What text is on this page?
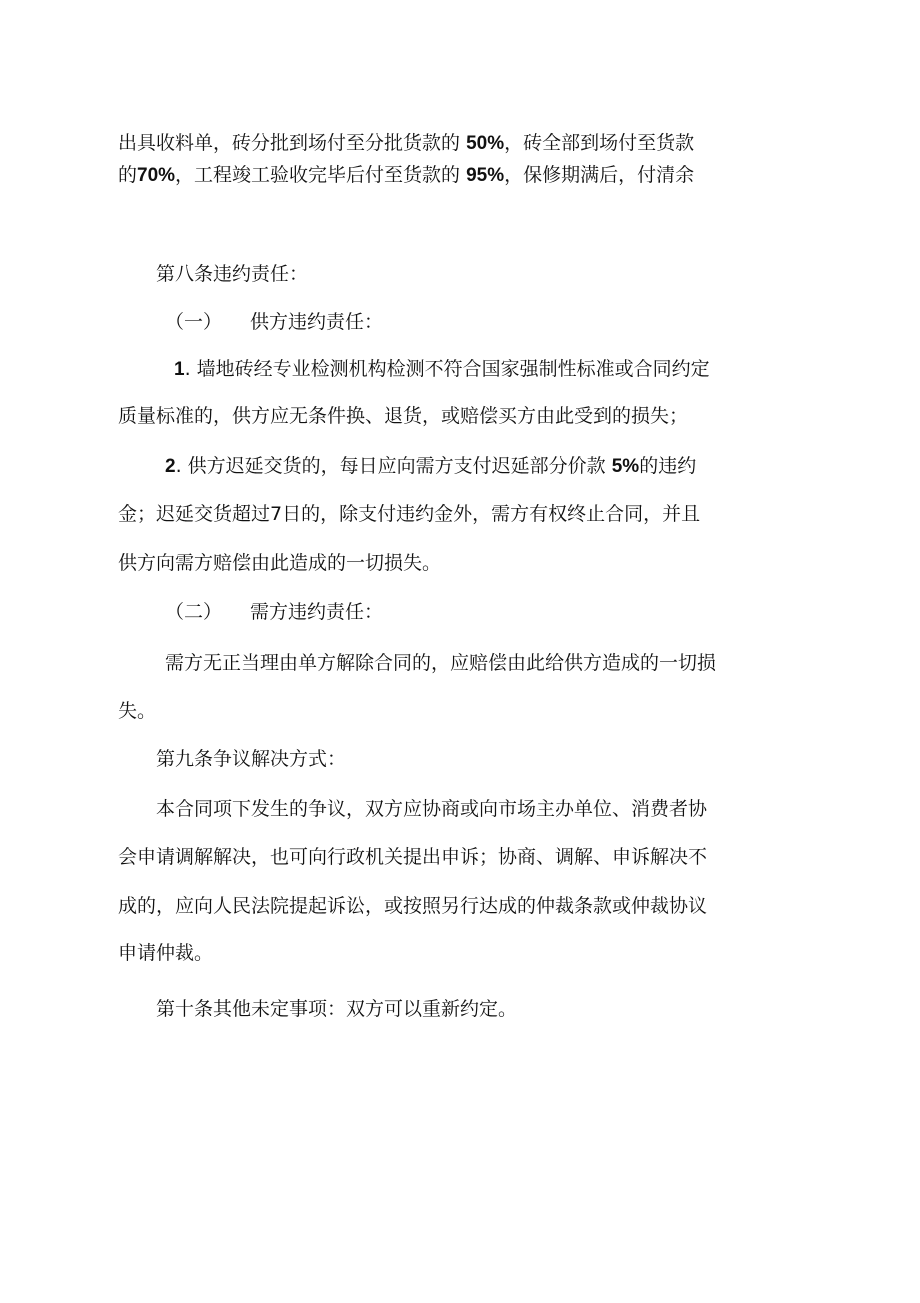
出具收料单，砖分批到场付至分批货款的 50%，砖全部到场付至货款

的70%，工程竣工验收完毕后付至货款的 95%，保修期满后，付清余

第八条违约责任：

（一） 供方违约责任：

1. 墙地砖经专业检测机构检测不符合国家强制性标准或合同约定

质量标准的，供方应无条件换、退货，或赔偿买方由此受到的损失；

2. 供方迟延交货的，每日应向需方支付迟延部分价款 5%的违约

金；迟延交货超过7日的，除支付违约金外，需方有权终止合同，并且

供方向需方赔偿由此造成的一切损失。

（二） 需方违约责任：

需方无正当理由单方解除合同的，应赔偿由此给供方造成的一切损

失。

第九条争议解决方式：

本合同项下发生的争议，双方应协商或向市场主办单位、消费者协

会申请调解解决，也可向行政机关提出申诉；协商、调解、申诉解决不

成的，应向人民法院提起诉讼，或按照另行达成的仲裁条款或仲裁协议

申请仲裁。

第十条其他未定事项：双方可以重新约定。
